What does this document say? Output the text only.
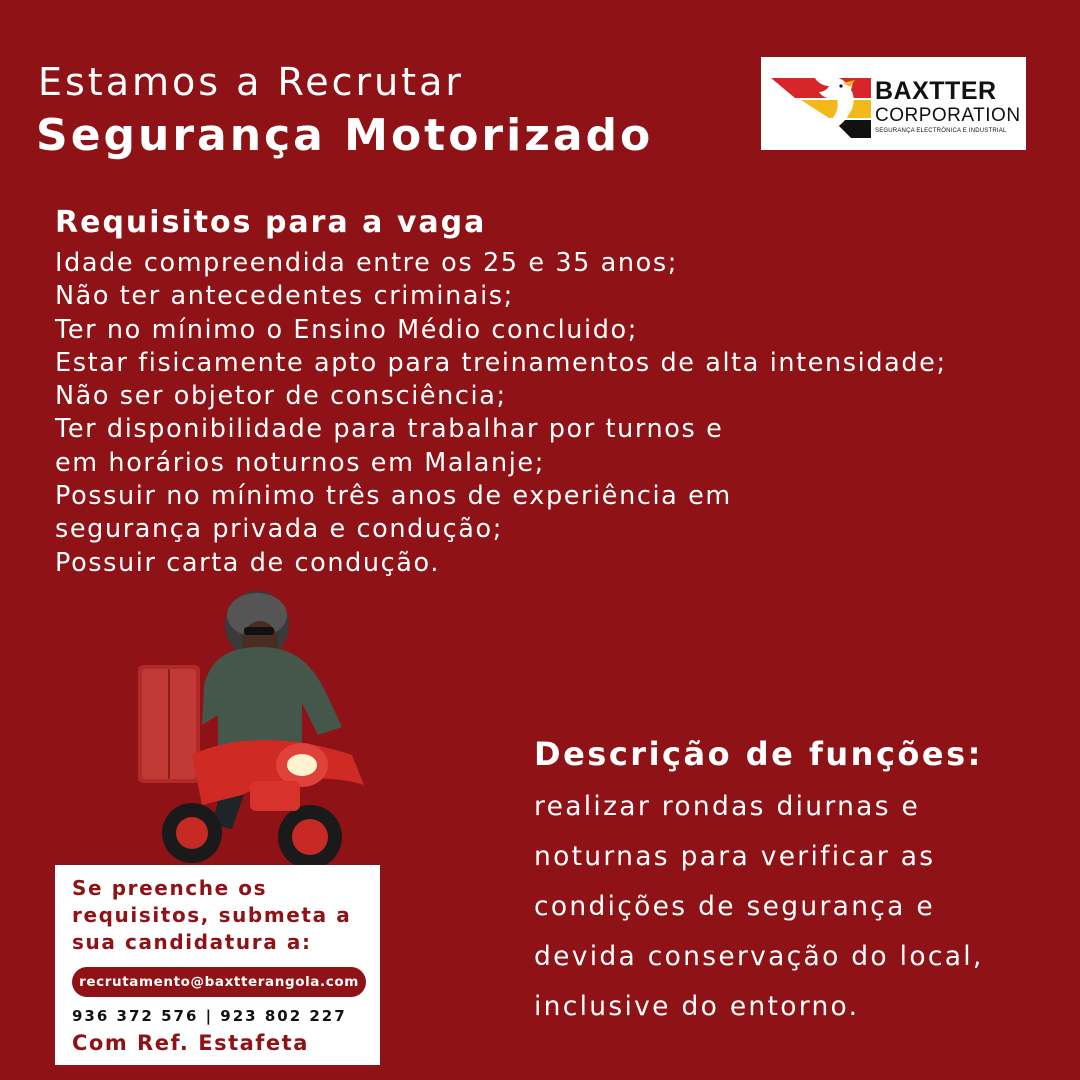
Estamos a Recrutar
Segurança Motorizado
BAXTTER
CORPORATION
SEGURANÇA ELECTRÓNICA E INDUSTRIAL
Requisitos para a vaga
Idade compreendida entre os 25 e 35 anos;
Não ter antecedentes criminais;
Ter no mínimo o Ensino Médio concluido;
Estar fisicamente apto para treinamentos de alta intensidade;
Não ser objetor de consciência;
Ter disponibilidade para trabalhar por turnos e
em horários noturnos em Malanje;
Possuir no mínimo três anos de experiência em
segurança privada e condução;
Possuir carta de condução.
Descrição de funções:
realizar rondas diurnas e
noturnas para verificar as
condições de segurança e
devida conservação do local,
inclusive do entorno.
Se preenche os
requisitos, submeta a
sua candidatura a:
recrutamento@baxtterangola.com
936 372 576 | 923 802 227
Com Ref. Estafeta
